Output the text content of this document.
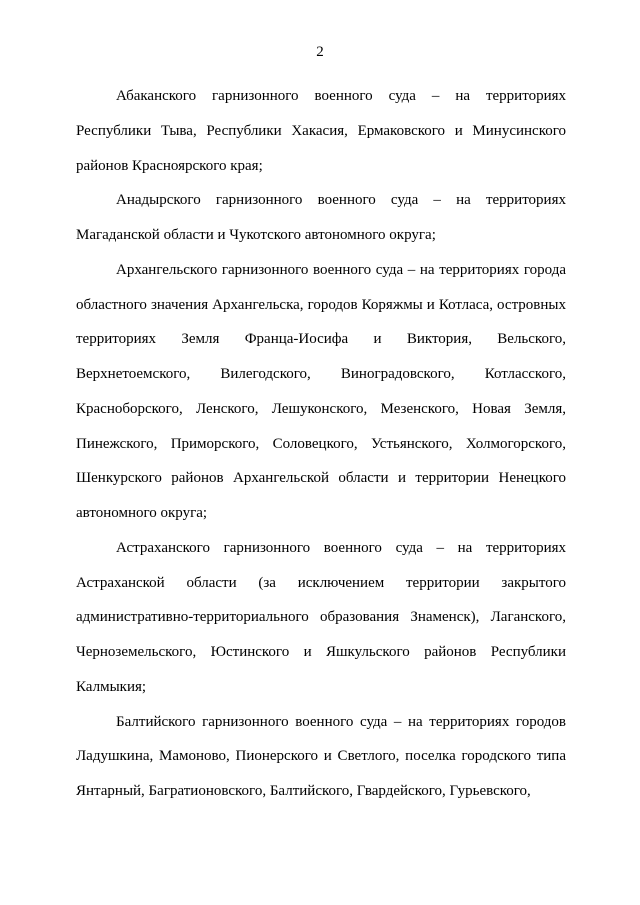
2

Абаканского гарнизонного военного суда – на территориях Республики Тыва, Республики Хакасия, Ермаковского и Минусинского районов Красноярского края;

Анадырского гарнизонного военного суда – на территориях Магаданской области и Чукотского автономного округа;

Архангельского гарнизонного военного суда – на территориях города областного значения Архангельска, городов Коряжмы и Котласа, островных территориях Земля Франца-Иосифа и Виктория, Вельского, Верхнетоемского, Вилегодского, Виноградовского, Котласского, Красноборского, Ленского, Лешуконского, Мезенского, Новая Земля, Пинежского, Приморского, Соловецкого, Устьянского, Холмогорского, Шенкурского районов Архангельской области и территории Ненецкого автономного округа;

Астраханского гарнизонного военного суда – на территориях Астраханской области (за исключением территории закрытого административно-территориального образования Знаменск), Лаганского, Черноземельского, Юстинского и Яшкульского районов Республики Калмыкия;

Балтийского гарнизонного военного суда – на территориях городов Ладушкина, Мамоново, Пионерского и Светлого, поселка городского типа Янтарный, Багратионовского, Балтийского, Гвардейского, Гурьевского,
